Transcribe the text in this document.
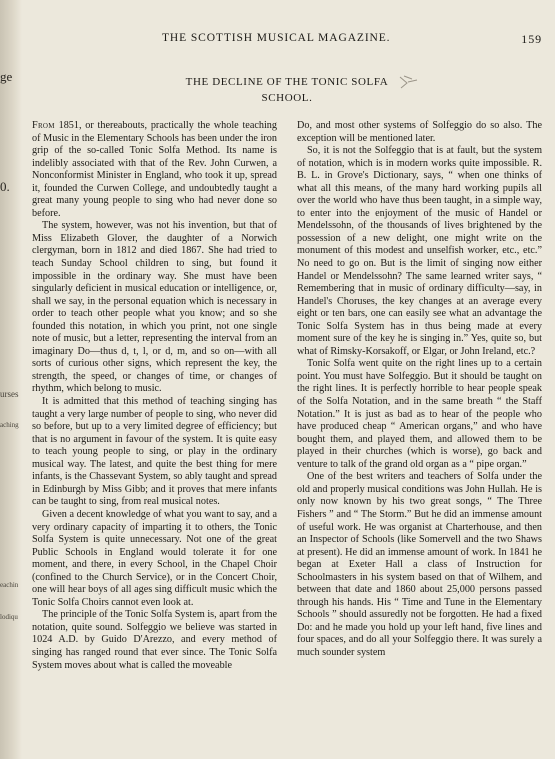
ge
0.
urses
aching
eachin
lodiqu
THE SCOTTISH MUSICAL MAGAZINE.	159
THE DECLINE OF THE TONIC SOLFA
SCHOOL.

From 1851, or thereabouts, practically the whole teaching of Music in the Elementary Schools has been under the iron grip of the so-called Tonic Solfa Method. Its name is indelibly associated with that of the Rev. John Curwen, a Nonconformist Minister in England, who took it up, spread it, founded the Curwen College, and undoubtedly taught a great many young people to sing who had never done so before.

The system, however, was not his invention, but that of Miss Elizabeth Glover, the daughter of a Norwich clergyman, born in 1812 and died 1867. She had tried to teach Sunday School children to sing, but found it impossible in the ordinary way. She must have been singularly deficient in musical education or intelligence, or, shall we say, in the personal equation which is necessary in order to teach other people what you know; and so she founded this notation, in which you print, not one single note of music, but a letter, representing the interval from an imaginary Do—thus d, t, l, or d, m, and so on—with all sorts of curious other signs, which represent the key, the strength, the speed, or changes of time, or changes of rhythm, which belong to music.

It is admitted that this method of teaching singing has taught a very large number of people to sing, who never did so before, but up to a very limited degree of efficiency; but that is no argument in favour of the system. It is quite easy to teach young people to sing, or play in the ordinary musical way. The latest, and quite the best thing for mere infants, is the Chassevant System, so ably taught and spread in Edinburgh by Miss Gibb; and it proves that mere infants can be taught to sing, from real musical notes.

Given a decent knowledge of what you want to say, and a very ordinary capacity of imparting it to others, the Tonic Solfa System is quite unnecessary. Not one of the great Public Schools in England would tolerate it for one moment, and there, in every School, in the Chapel Choir (confined to the Church Service), or in the Concert Choir, one will hear boys of all ages sing difficult music which the Tonic Solfa Choirs cannot even look at.

The principle of the Tonic Solfa System is, apart from the notation, quite sound. Solfeggio we believe was started in 1024 A.D. by Guido D'Arezzo, and every method of singing has ranged round that ever since. The Tonic Solfa System moves about what is called the moveable

Do, and most other systems of Solfeggio do so also. The exception will be mentioned later.

So, it is not the Solfeggio that is at fault, but the system of notation, which is in modern works quite impossible. R. B. L. in Grove's Dictionary, says, “ when one thinks of what all this means, of the many hard working pupils all over the world who have thus been taught, in a simple way, to enter into the enjoyment of the music of Handel or Mendelssohn, of the thousands of lives brightened by the possession of a new delight, one might write on the monument of this modest and unselfish worker, etc., etc.” No need to go on. But is the limit of singing now either Handel or Mendelssohn? The same learned writer says, “ Remembering that in music of ordinary difficulty—say, in Handel's Choruses, the key changes at an average every eight or ten bars, one can easily see what an advantage the Tonic Solfa System has in thus being made at every moment sure of the key he is singing in.” Yes, quite so, but what of Rimsky-Korsakoff, or Elgar, or John Ireland, etc.?

Tonic Solfa went quite on the right lines up to a certain point. You must have Solfeggio. But it should be taught on the right lines. It is perfectly horrible to hear people speak of the Solfa Notation, and in the same breath “ the Staff Notation.” It is just as bad as to hear of the people who have produced cheap “ American organs,” and who have bought them, and played them, and allowed them to be played in their churches (which is worse), go back and venture to talk of the grand old organ as a “ pipe organ.”

One of the best writers and teachers of Solfa under the old and properly musical conditions was John Hullah. He is only now known by his two great songs, “ The Three Fishers ” and “ The Storm.” But he did an immense amount of useful work. He was organist at Charterhouse, and then an Inspector of Schools (like Somervell and the two Shaws at present). He did an immense amount of work. In 1841 he began at Exeter Hall a class of Instruction for Schoolmasters in his system based on that of Wilhem, and between that date and 1860 about 25,000 persons passed through his hands. His “ Time and Tune in the Elementary Schools ” should assuredly not be forgotten. He had a fixed Do: and he made you hold up your left hand, five lines and four spaces, and do all your Solfeggio there. It was surely a much sounder system
